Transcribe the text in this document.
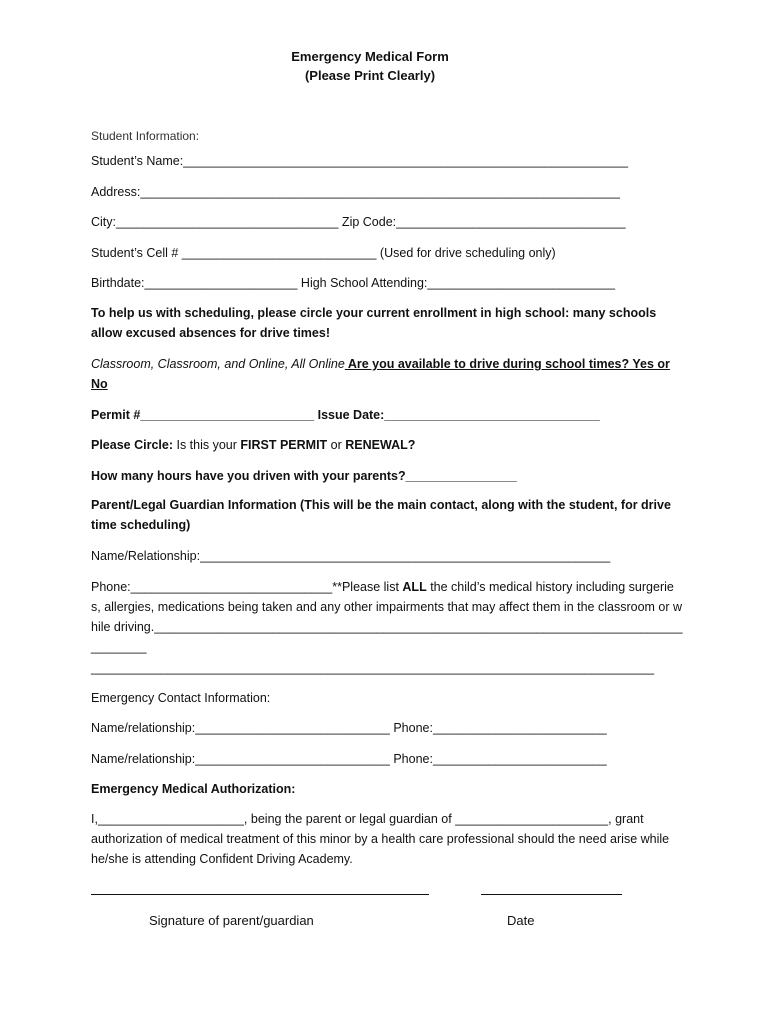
Emergency Medical Form
(Please Print Clearly)
Student Information:
Student’s Name:________________________________________________________________
Address:_____________________________________________________________________
City:________________________________ Zip Code:_________________________________
Student’s Cell # ____________________________ (Used for drive scheduling only)
Birthdate:______________________ High School Attending:___________________________
To help us with scheduling, please circle your current enrollment in high school: many schools allow excused absences for drive times!
Classroom, Classroom, and Online, All Online Are you available to drive during school times? Yes or No
Permit #_________________________ Issue Date:_______________________________
Please Circle: Is this your FIRST PERMIT or RENEWAL?
How many hours have you driven with your parents?________________
Parent/Legal Guardian Information (This will be the main contact, along with the student, for drive time scheduling)
Name/Relationship:___________________________________________________________
Phone:_____________________________**Please list ALL the child’s medical history including surgeries, allergies, medications being taken and any other impairments that may affect them in the classroom or while driving.____________________________________________________________________________________
_________________________________________________________________________________
Emergency Contact Information:
Name/relationship:____________________________ Phone:_________________________
Name/relationship:____________________________ Phone:_________________________
Emergency Medical Authorization:
I,_____________________, being the parent or legal guardian of ______________________, grant authorization of medical treatment of this minor by a health care professional should the need arise while he/she is attending Confident Driving Academy.
Signature of parent/guardian	Date
